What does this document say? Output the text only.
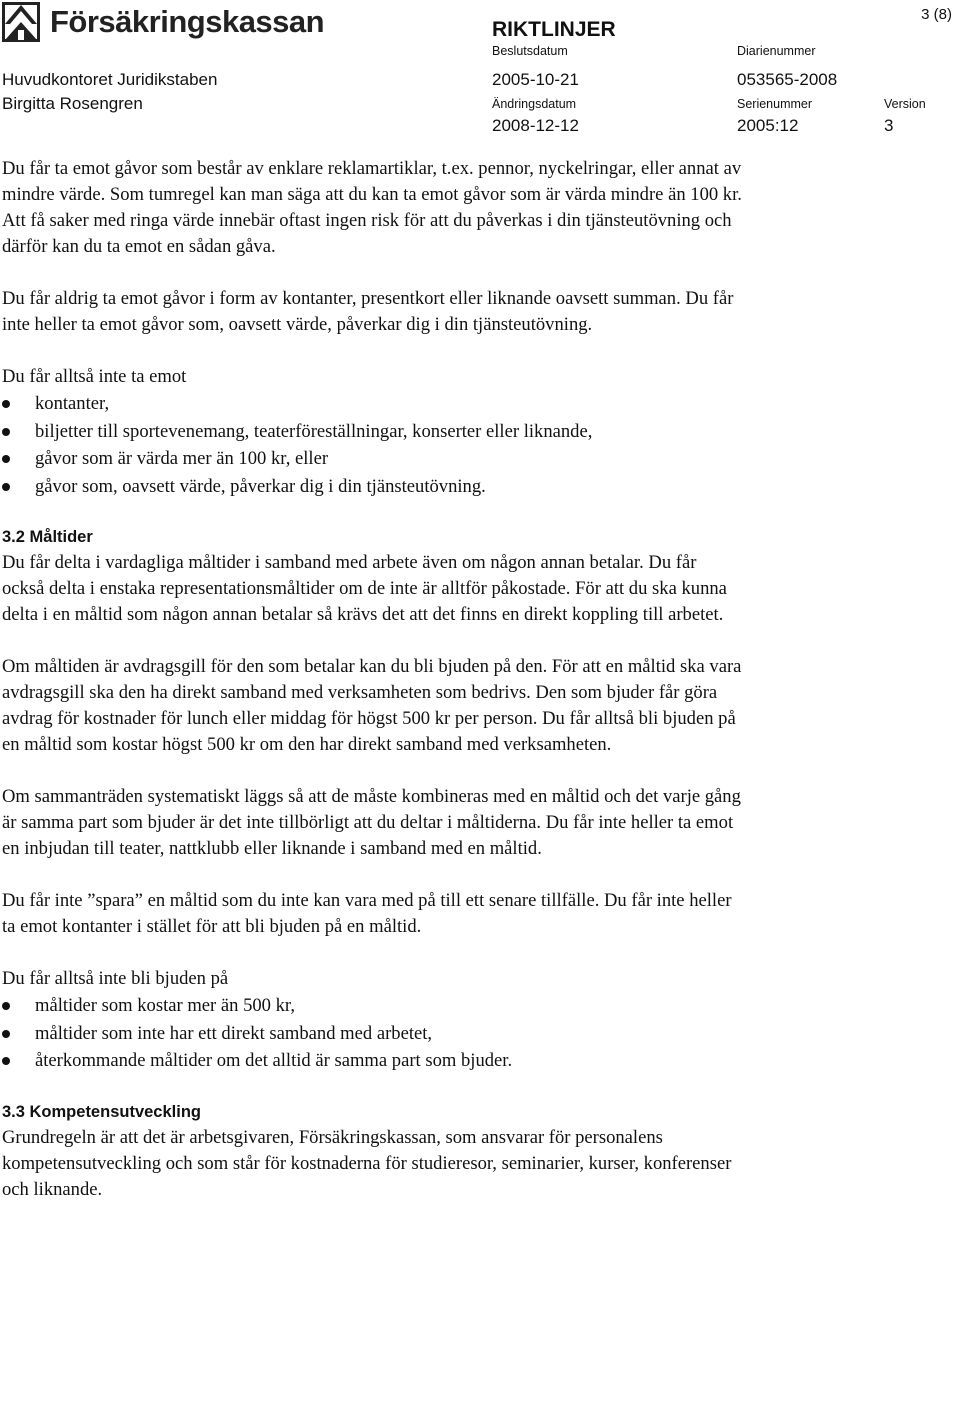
Försäkringskassan	RIKTLINJER
3 (8)
Beslutsdatum	Diarienummer
Huvudkontoret Juridikstaben	2005-10-21	053565-2008
Birgitta Rosengren	Ändringsdatum	Serienummer	Version
2008-12-12	2005:12	3

Du får ta emot gåvor som består av enklare reklamartiklar, t.ex. pennor, nyckelringar, eller annat av mindre värde. Som tumregel kan man säga att du kan ta emot gåvor som är värda mindre än 100 kr. Att få saker med ringa värde innebär oftast ingen risk för att du påverkas i din tjänsteutövning och därför kan du ta emot en sådan gåva.

Du får aldrig ta emot gåvor i form av kontanter, presentkort eller liknande oavsett summan. Du får inte heller ta emot gåvor som, oavsett värde, påverkar dig i din tjänsteutövning.

Du får alltså inte ta emot

kontanter,
biljetter till sportevenemang, teaterföreställningar, konserter eller liknande,
gåvor som är värda mer än 100 kr, eller
gåvor som, oavsett värde, påverkar dig i din tjänsteutövning.
3.2 Måltider

Du får delta i vardagliga måltider i samband med arbete även om någon annan betalar. Du får också delta i enstaka representationsmåltider om de inte är alltför påkostade. För att du ska kunna delta i en måltid som någon annan betalar så krävs det att det finns en direkt koppling till arbetet.

Om måltiden är avdragsgill för den som betalar kan du bli bjuden på den. För att en måltid ska vara avdragsgill ska den ha direkt samband med verksamheten som bedrivs. Den som bjuder får göra avdrag för kostnader för lunch eller middag för högst 500 kr per person. Du får alltså bli bjuden på en måltid som kostar högst 500 kr om den har direkt samband med verksamheten.

Om sammanträden systematiskt läggs så att de måste kombineras med en måltid och det varje gång är samma part som bjuder är det inte tillbörligt att du deltar i måltiderna. Du får inte heller ta emot en inbjudan till teater, nattklubb eller liknande i samband med en måltid.

Du får inte ”spara” en måltid som du inte kan vara med på till ett senare tillfälle. Du får inte heller ta emot kontanter i stället för att bli bjuden på en måltid.

Du får alltså inte bli bjuden på

måltider som kostar mer än 500 kr,
måltider som inte har ett direkt samband med arbetet,
återkommande måltider om det alltid är samma part som bjuder.
3.3 Kompetensutveckling

Grundregeln är att det är arbetsgivaren, Försäkringskassan, som ansvarar för personalens kompetensutveckling och som står för kostnaderna för studieresor, seminarier, kurser, konferenser och liknande.
